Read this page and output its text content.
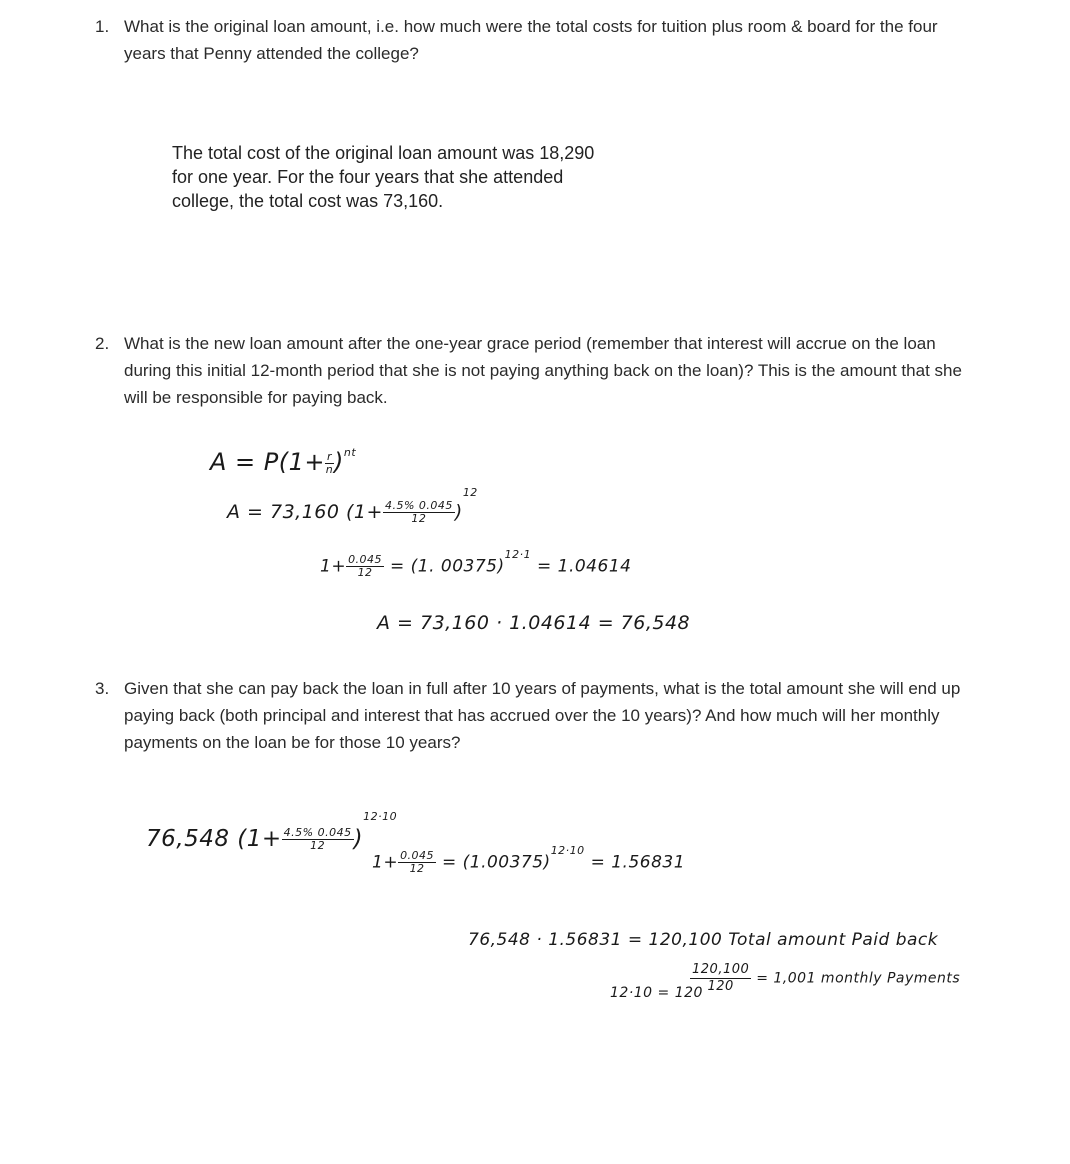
1. What is the original loan amount, i.e. how much were the total costs for tuition plus room & board for the four years that Penny attended the college?
The total cost of the original loan amount was 18,290 for one year. For the four years that she attended college, the total cost was 73,160.
2. What is the new loan amount after the one-year grace period (remember that interest will accrue on the loan during this initial 12-month period that she is not paying anything back on the loan)? This is the amount that she will be responsible for paying back.
$A = P(1+ \frac{r}{n} )^{nt}$
A = 73,160 $(1+ \frac{4.5\% 0.045}{12} )^{12}$
$1+ \frac{0.045}{12} = (1$. 00375)$^{12\cdot 1}$ = 1.04614
A = 73,160 · 1.04614 = 76,548
3. Given that she can pay back the loan in full after 10 years of payments, what is the total amount she will end up paying back (both principal and interest that has accrued over the 10 years)? And how much will her monthly payments on the loan be for those 10 years?
76,548 $(1+ \frac{4.5\% 0.045}{12} )^{12\cdot 10}$
$1+ \frac{0.045}{12} = (1.00375)^{12\cdot 10} = 1.56831$
76,548 · 1.56831 = 120,100 Total amount Paid back
12·10 = 120
$\frac{120,100}{120} = 1,001$ monthly Payments
